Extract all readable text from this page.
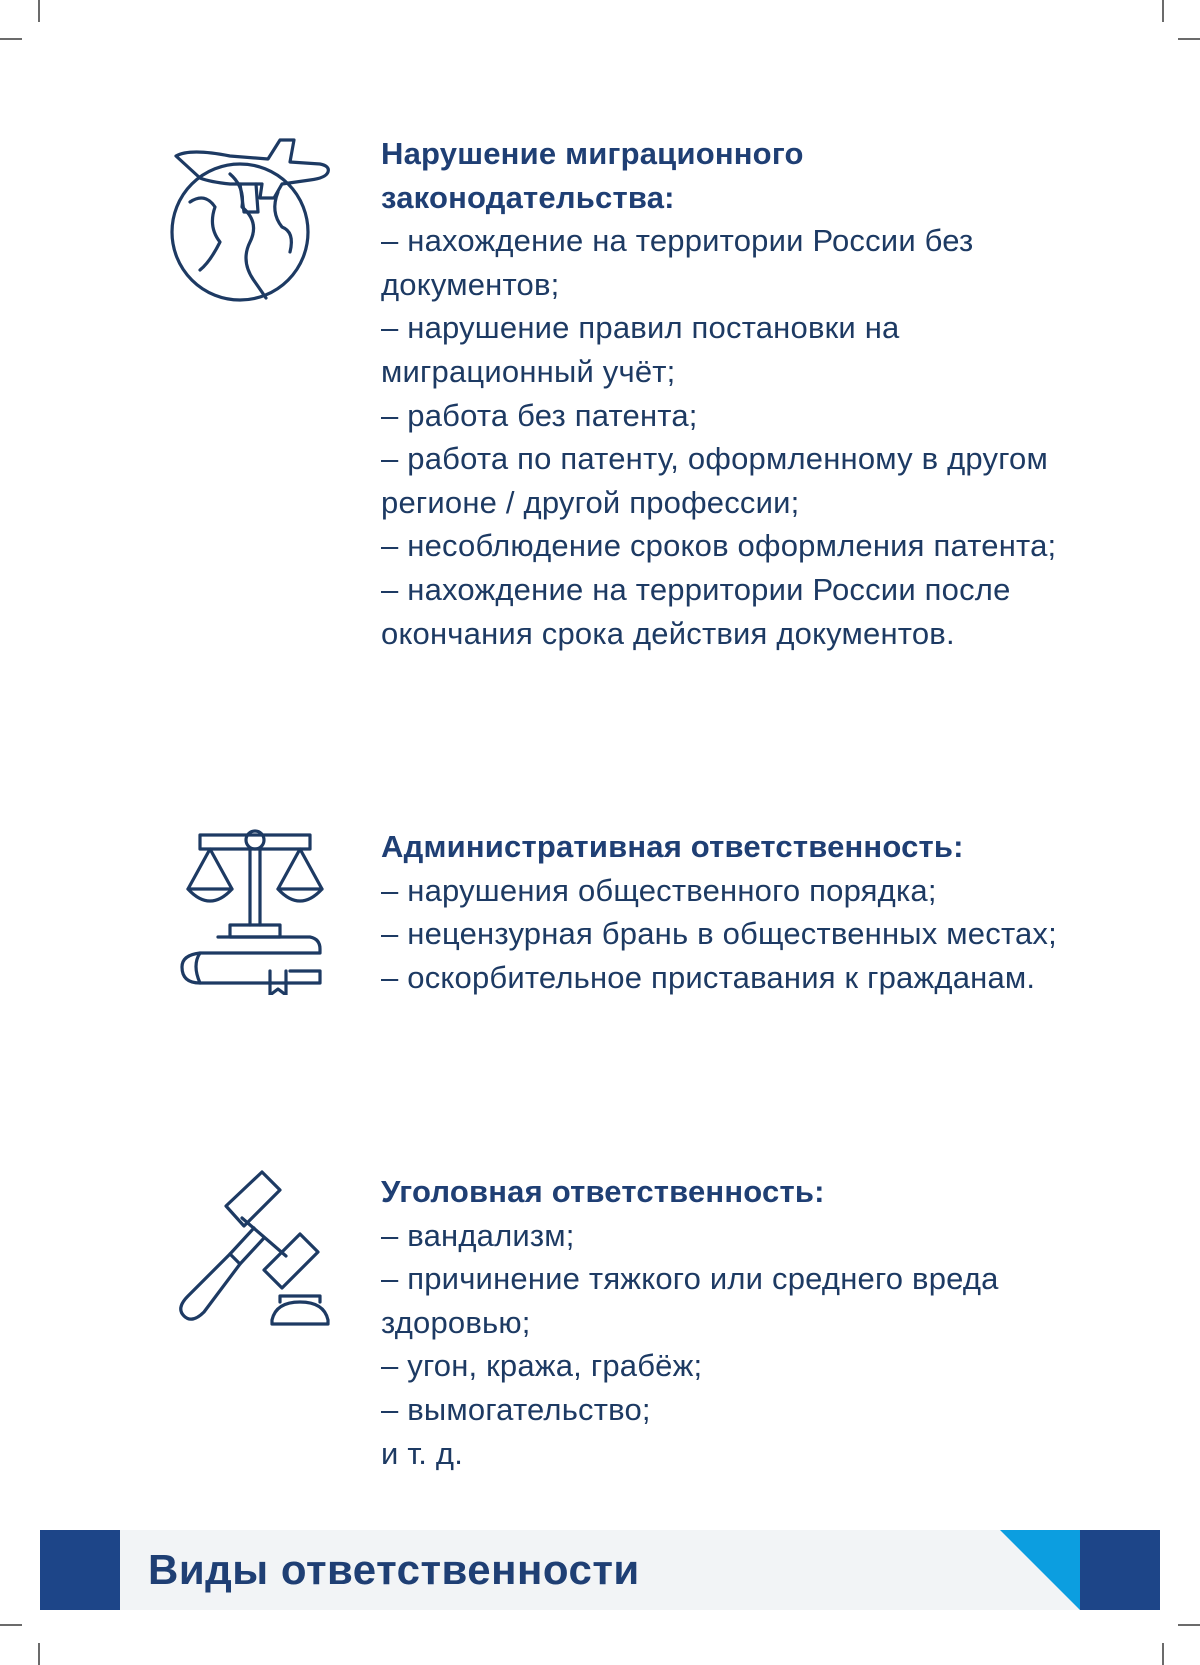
Нарушение миграционного законодательства:
– нахождение на территории России без документов;
– нарушение правил постановки на миграционный учёт;
– работа без патента;
– работа по патенту, оформленному в другом регионе / другой профессии;
– несоблюдение сроков оформления патента;
– нахождение на территории России после окончания срока действия документов.
Административная ответственность:
– нарушения общественного порядка;
– нецензурная брань в общественных местах;
– оскорбительное приставания к гражданам.
Уголовная ответственность:
– вандализм;
– причинение тяжкого или среднего вреда здоровью;
– угон, кража, грабёж;
– вымогательство;
и т. д.
Виды ответственности
